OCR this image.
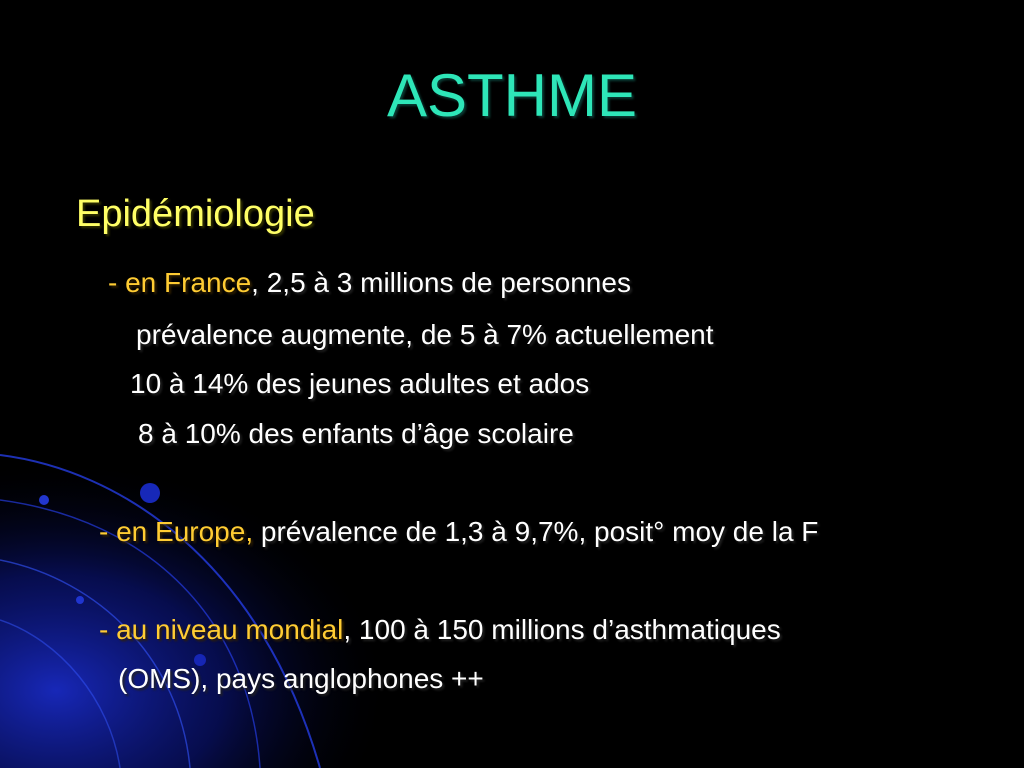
ASTHME
Epidémiologie
- en France, 2,5 à 3 millions de personnes
prévalence augmente, de 5 à 7% actuellement
10 à 14% des jeunes adultes et ados
8 à 10% des enfants d’âge scolaire
- en Europe, prévalence de 1,3 à 9,7%, posit° moy de la F
- au niveau mondial, 100 à 150 millions d’asthmatiques
(OMS), pays anglophones ++
